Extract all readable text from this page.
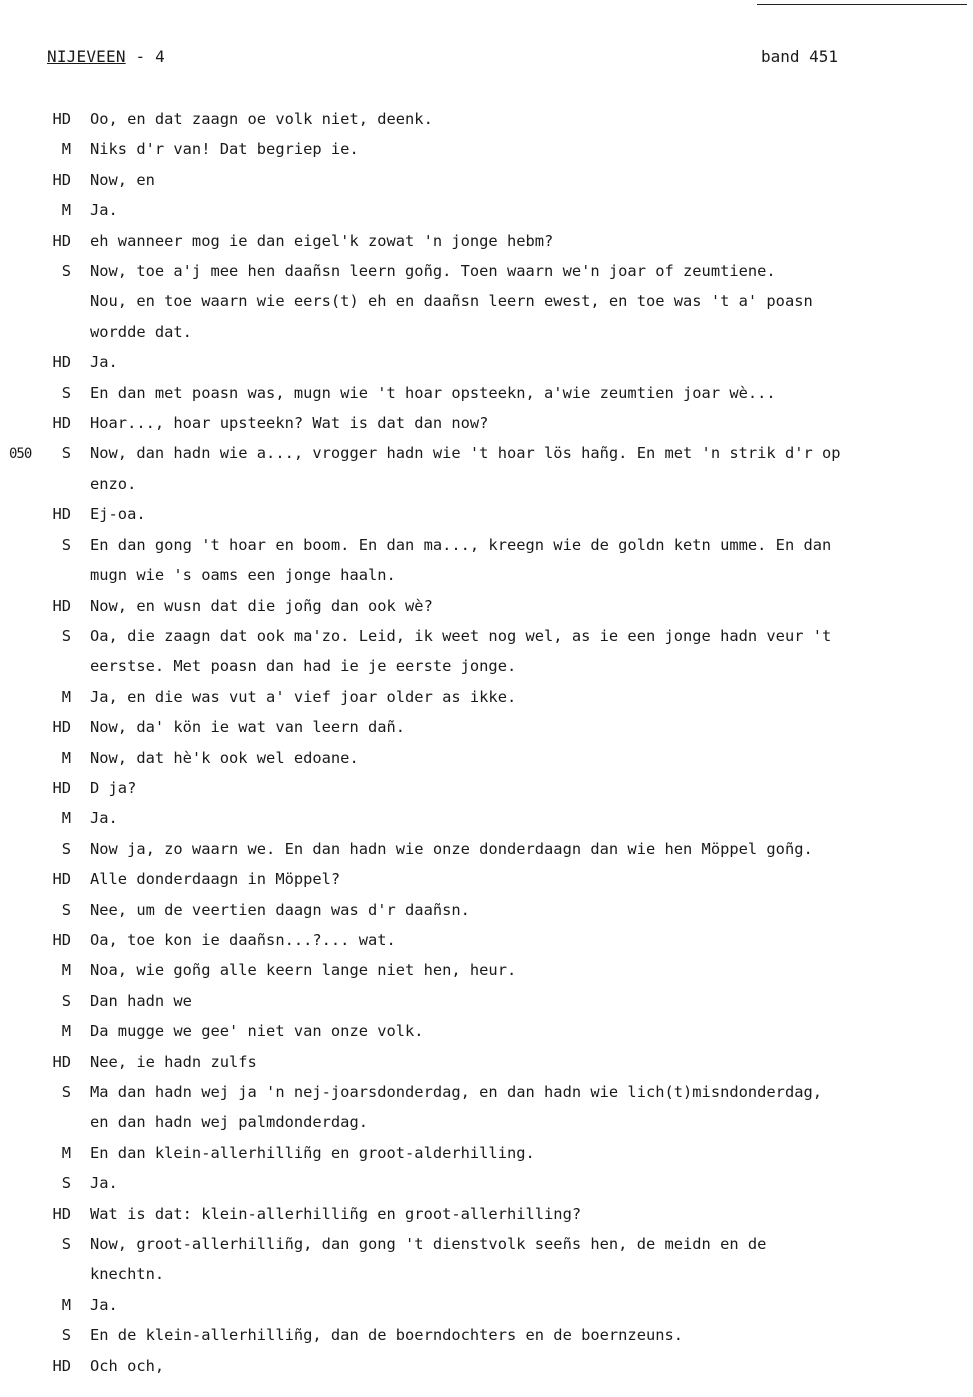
NIJEVEEN - 4	band 451
050
HD Oo, en dat zaagn oe volk niet, deenk.
M Niks d'r van! Dat begriep ie.
HD Now, en
M Ja.
HD eh wanneer mog ie dan eigel'k zowat 'n jonge hebm?
S Now, toe a'j mee hen daañsn leern goñg. Toen waarn we'n joar of zeumtiene.
Nou, en toe waarn wie eers(t) eh en daañsn leern ewest, en toe was 't a' poasn
wordde dat.
HD Ja.
S En dan met poasn was, mugn wie 't hoar opsteekn, a'wie zeumtien joar wè...
HD Hoar..., hoar upsteekn? Wat is dat dan now?
S Now, dan hadn wie a..., vrogger hadn wie 't hoar lös hañg. En met 'n strik d'r op
enzo.
HD Ej-oa.
S En dan gong 't hoar en boom. En dan ma..., kreegn wie de goldn ketn umme. En dan
mugn wie 's oams een jonge haaln.
HD Now, en wusn dat die joñg dan ook wè?
S Oa, die zaagn dat ook ma'zo. Leid, ik weet nog wel, as ie een jonge hadn veur 't
eerstse. Met poasn dan had ie je eerste jonge.
M Ja, en die was vut a' vief joar older as ikke.
HD Now, da' kön ie wat van leern dañ.
M Now, dat hè'k ook wel edoane.
HD D ja?
M Ja.
S Now ja, zo waarn we. En dan hadn wie onze donderdaagn dan wie hen Möppel goñg.
HD Alle donderdaagn in Möppel?
S Nee, um de veertien daagn was d'r daañsn.
HD Oa, toe kon ie daañsn...?... wat.
M Noa, wie goñg alle keern lange niet hen, heur.
S Dan hadn we
M Da mugge we gee' niet van onze volk.
HD Nee, ie hadn zulfs
S Ma dan hadn wej ja 'n nej-joarsdonderdag, en dan hadn wie lich(t)misndonderdag,
en dan hadn wej palmdonderdag.
M En dan klein-allerhilliñg en groot-alderhilling.
S Ja.
HD Wat is dat: klein-allerhilliñg en groot-allerhilling?
S Now, groot-allerhilliñg, dan gong 't dienstvolk seeñs hen, de meidn en de
knechtn.
M Ja.
S En de klein-allerhilliñg, dan de boerndochters en de boernzeuns.
HD Och och,
